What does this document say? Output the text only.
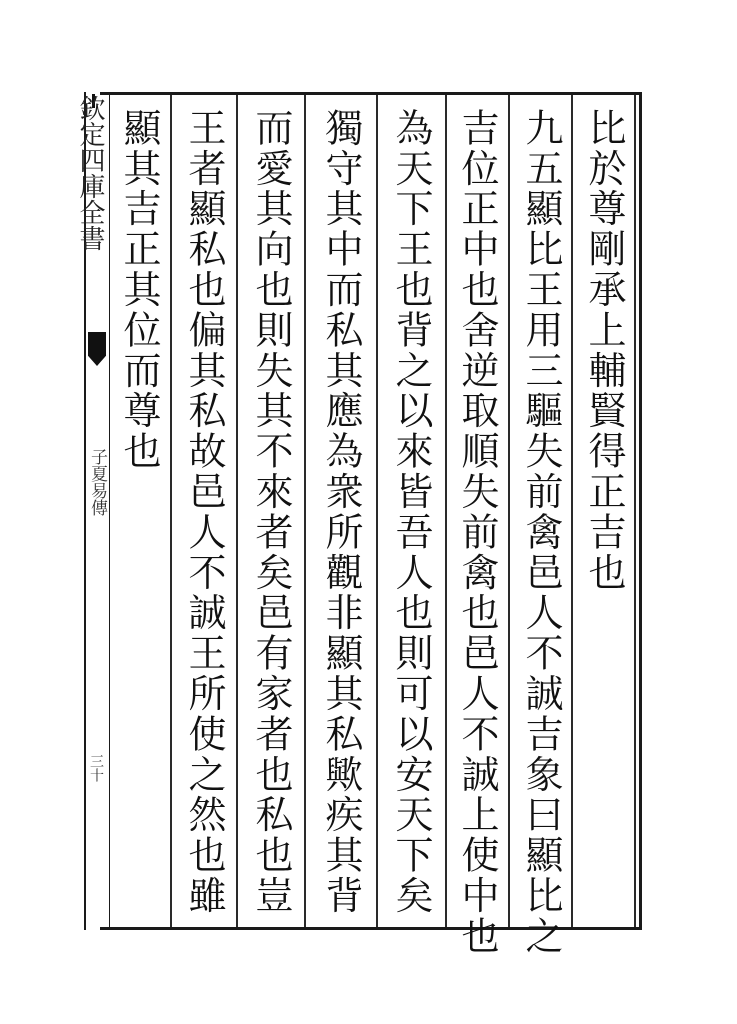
欽定四庫全書
子夏易傳
三十
比於尊剛承上輔賢得正吉也
九五顯比王用三驅失前禽邑人不誠吉象曰顯比之
吉位正中也舍逆取順失前禽也邑人不誠上使中也
為天下王也背之以來皆吾人也則可以安天下矣
獨守其中而私其應為衆所觀非顯其私歟疾其背
而愛其向也則失其不來者矣邑有家者也私也豈
王者顯私也偏其私故邑人不誠王所使之然也雖
顯其吉正其位而尊也
